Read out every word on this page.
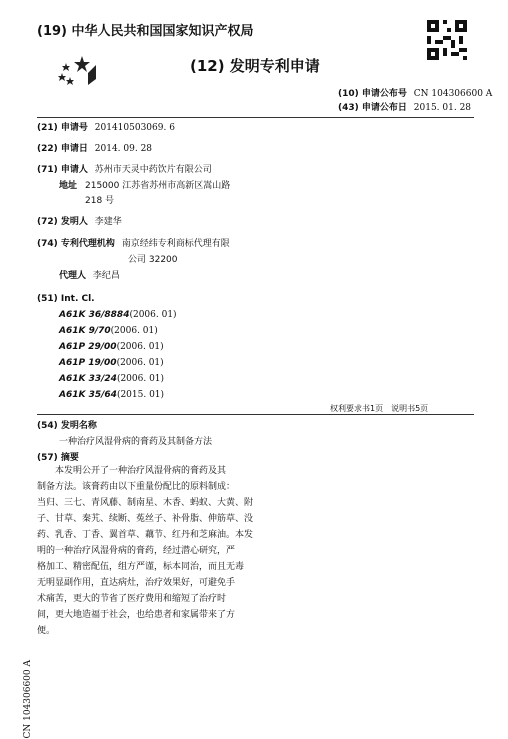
(19) 中华人民共和国国家知识产权局
(12) 发明专利申请
(10) 申请公布号 CN 104306600 A
(43) 申请公布日 2015. 01. 28
(21) 申请号 201410503069. 6
(22) 申请日 2014. 09. 28
(71) 申请人 苏州市天灵中药饮片有限公司
地址 215000 江苏省苏州市高新区嵩山路
218 号
(72) 发明人 李建华
(74) 专利代理机构 南京经纬专利商标代理有限
公司 32200
代理人 李纪昌
(51) Int. Cl.
A61K 36/8884(2006. 01)
A61K 9/70(2006. 01)
A61P 29/00(2006. 01)
A61P 19/00(2006. 01)
A61K 33/24(2006. 01)
A61K 35/64(2015. 01)
权利要求书1页　说明书5页
(54) 发明名称
一种治疗风湿骨病的膏药及其制备方法
(57) 摘要

　　本发明公开了一种治疗风湿骨病的膏药及其
制备方法。该膏药由以下重量份配比的原料制成：
当归、三七、青风藤、制南星、木香、蚂蚁、大黄、附
子、甘草、秦艽、续断、菟丝子、补骨脂、伸筋草、没
药、乳香、丁香、翼首草、藕节、红丹和芝麻油。本发
明的一种治疗风湿骨病的膏药，经过潜心研究，严
格加工、精密配伍，组方严谨，标本同治，而且无毒
无明显副作用，直达病灶，治疗效果好，可避免手
术痛苦，更大的节省了医疗费用和缩短了治疗时
间，更大地造福于社会，也给患者和家属带来了方
便。

CN 104306600 A
